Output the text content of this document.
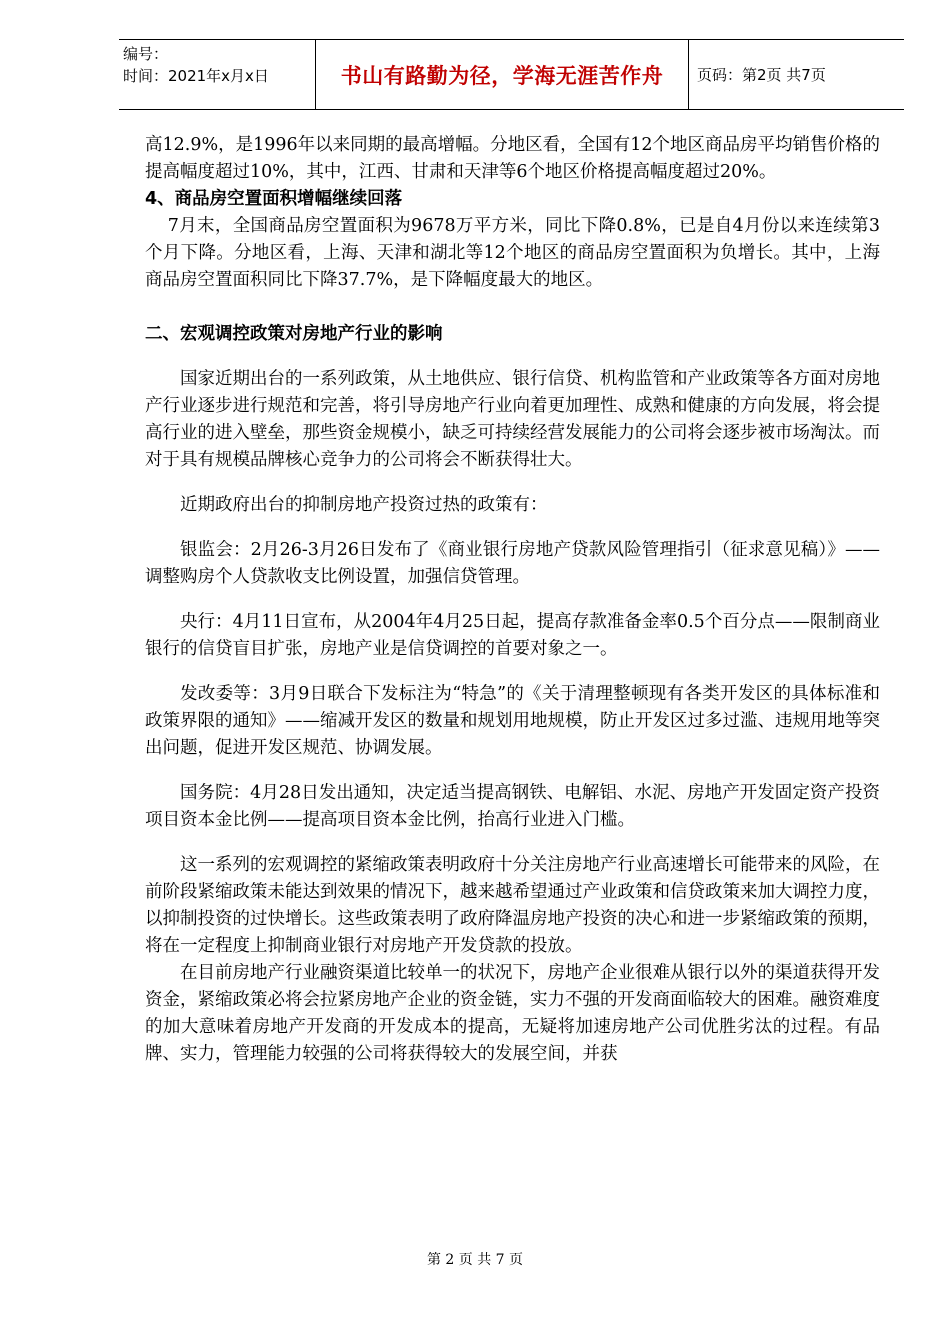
编号：
时间：2021年x月x日	书山有路勤为径，学海无涯苦作舟 页码：第2页 共7页

高12.9%，是1996年以来同期的最高增幅。分地区看，全国有12个地区商品房平均销售价格的提高幅度超过10%，其中，江西、甘肃和天津等6个地区价格提高幅度超过20%。

4、商品房空置面积增幅继续回落

7月末，全国商品房空置面积为9678万平方米，同比下降0.8%，已是自4月份以来连续第3个月下降。分地区看，上海、天津和湖北等12个地区的商品房空置面积为负增长。其中，上海商品房空置面积同比下降37.7%，是下降幅度最大的地区。

二、宏观调控政策对房地产行业的影响

国家近期出台的一系列政策，从土地供应、银行信贷、机构监管和产业政策等各方面对房地产行业逐步进行规范和完善，将引导房地产行业向着更加理性、成熟和健康的方向发展，将会提高行业的进入壁垒，那些资金规模小，缺乏可持续经营发展能力的公司将会逐步被市场淘汰。而对于具有规模品牌核心竞争力的公司将会不断获得壮大。

近期政府出台的抑制房地产投资过热的政策有：

银监会：2月26-3月26日发布了《商业银行房地产贷款风险管理指引（征求意见稿）》——调整购房个人贷款收支比例设置，加强信贷管理。

央行：4月11日宣布，从2004年4月25日起，提高存款准备金率0.5个百分点——限制商业银行的信贷盲目扩张，房地产业是信贷调控的首要对象之一。

发改委等：3月9日联合下发标注为“特急”的《关于清理整顿现有各类开发区的具体标准和政策界限的通知》——缩减开发区的数量和规划用地规模，防止开发区过多过滥、违规用地等突出问题，促进开发区规范、协调发展。

国务院：4月28日发出通知，决定适当提高钢铁、电解铝、水泥、房地产开发固定资产投资项目资本金比例——提高项目资本金比例，抬高行业进入门槛。

这一系列的宏观调控的紧缩政策表明政府十分关注房地产行业高速增长可能带来的风险，在前阶段紧缩政策未能达到效果的情况下，越来越希望通过产业政策和信贷政策来加大调控力度，以抑制投资的过快增长。这些政策表明了政府降温房地产投资的决心和进一步紧缩政策的预期，将在一定程度上抑制商业银行对房地产开发贷款的投放。

在目前房地产行业融资渠道比较单一的状况下，房地产企业很难从银行以外的渠道获得开发资金，紧缩政策必将会拉紧房地产企业的资金链，实力不强的开发商面临较大的困难。融资难度的加大意味着房地产开发商的开发成本的提高，无疑将加速房地产公司优胜劣汰的过程。有品牌、实力，管理能力较强的公司将获得较大的发展空间，并获

第 2 页 共 7 页
